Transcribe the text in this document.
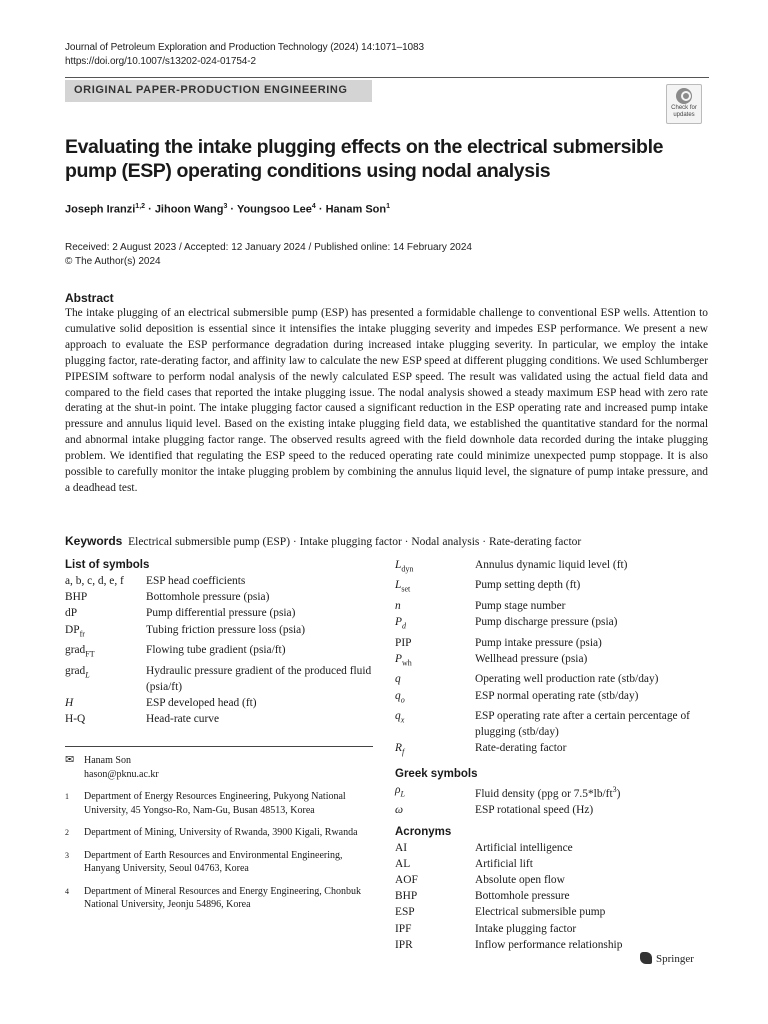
Journal of Petroleum Exploration and Production Technology (2024) 14:1071–1083
https://doi.org/10.1007/s13202-024-01754-2
ORIGINAL PAPER-PRODUCTION ENGINEERING
Check for
updates
Evaluating the intake plugging effects on the electrical submersible pump (ESP) operating conditions using nodal analysis
Joseph Iranzi$^{1,2}$ · Jihoon Wang$^3$ · Youngsoo Lee$^4$ · Hanam Son$^1$
Received: 2 August 2023 / Accepted: 12 January 2024 / Published online: 14 February 2024
© The Author(s) 2024
Abstract

The intake plugging of an electrical submersible pump (ESP) has presented a formidable challenge to conventional ESP wells. Attention to cumulative solid deposition is essential since it intensifies the intake plugging severity and impedes ESP performance. We present a new approach to evaluate the ESP performance degradation during increased intake plugging severity. In particular, we employ the intake plugging factor, rate-derating factor, and affinity law to calculate the new ESP speed at different plugging conditions. We used Schlumberger PIPESIM software to perform nodal analysis of the newly calculated ESP speed. The result was validated using the actual field data and compared to the field cases that reported the intake plugging issue. The nodal analysis showed a steady maximum ESP head with zero rate derating at the shut-in point. The intake plugging factor caused a significant reduction in the ESP operating rate and increased pump intake pressure and annulus liquid level. Based on the existing intake plugging field data, we established the quantitative standard for the normal and abnormal intake plugging factor range. The observed results agreed with the field downhole data recorded during the intake plugging problem. We identified that regulating the ESP speed to the reduced operating rate could minimize unexpected pump stoppage. It is also possible to carefully monitor the intake plugging problem by combining the annulus liquid level, the signature of pump intake pressure, and a deadhead test.

Keywords Electrical submersible pump (ESP) · Intake plugging factor · Nodal analysis · Rate-derating factor
List of symbols
a, b, c, d, e, f	ESP head coefficients
BHP	Bottomhole pressure (psia)
dP	Pump differential pressure (psia)
$DP_{fr}$	Tubing friction pressure loss (psia)
grad$_{FT}$	Flowing tube gradient (psia/ft)
grad$_L$	Hydraulic pressure gradient of the produced fluid (psia/ft)
H	ESP developed head (ft)
H-Q	Head-rate curve
$L_{dyn}$	Annulus dynamic liquid level (ft)
$L_{set}$	Pump setting depth (ft)
n	Pump stage number
$P_d$	Pump discharge pressure (psia)
PIP	Pump intake pressure (psia)
$P_{wh}$	Wellhead pressure (psia)
q	Operating well production rate (stb/day)
$q_o$	ESP normal operating rate (stb/day)
$q_x$	ESP operating rate after a certain percentage of plugging (stb/day)
$R_f$	Rate-derating factor
Greek symbols
$\rho_L$	Fluid density (ppg or $7.5*lb/ft^3$)
ω	ESP rotational speed (Hz)
Acronyms
AI	Artificial intelligence
AL	Artificial lift
AOF	Absolute open flow
BHP	Bottomhole pressure
ESP	Electrical submersible pump
IPF	Intake plugging factor
IPR	Inflow performance relationship
✉ Hanam Son
hason@pknu.ac.kr
1	Department of Energy Resources Engineering, Pukyong National University, 45 Yongso-Ro, Nam-Gu, Busan 48513, Korea
2	Department of Mining, University of Rwanda, 3900 Kigali, Rwanda
3	Department of Earth Resources and Environmental Engineering, Hanyang University, Seoul 04763, Korea
4	Department of Mineral Resources and Energy Engineering, Chonbuk National University, Jeonju 54896, Korea
Springer
